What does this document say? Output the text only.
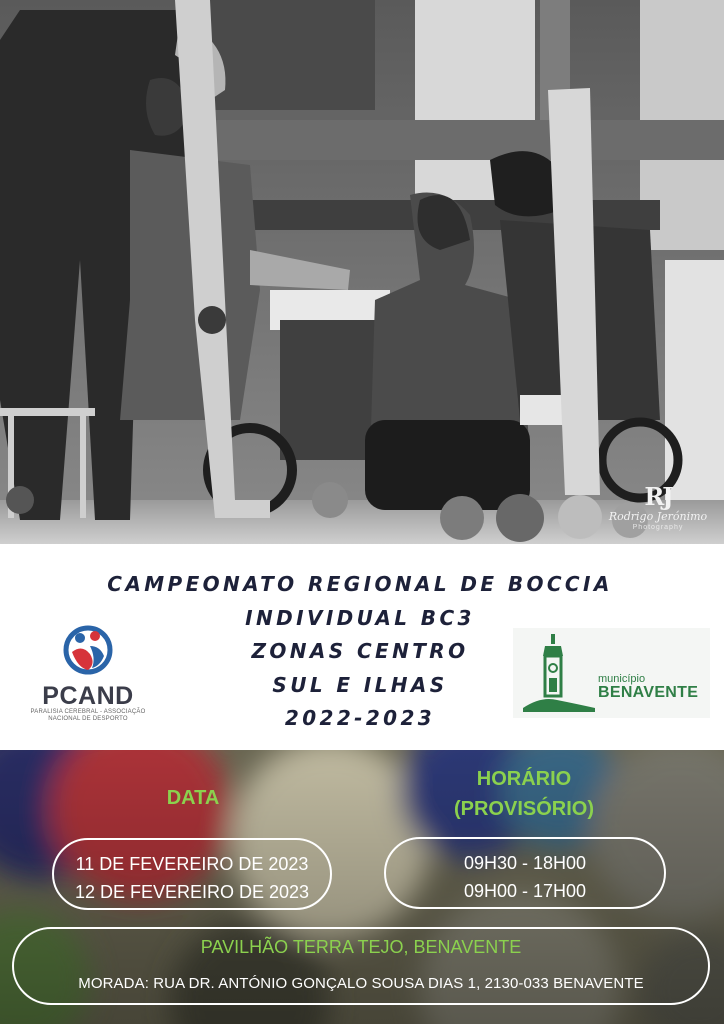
RJ
Rodrigo Jerónimo
Photography
CAMPEONATO REGIONAL DE BOCCIA
INDIVIDUAL BC3
ZONAS CENTRO
SUL E ILHAS
2022-2023
PCAND
PARALISIA CEREBRAL - ASSOCIAÇÃO
NACIONAL DE DESPORTO
município
BENAVENTE
DATA
HORÁRIO
(PROVISÓRIO)
11 DE FEVEREIRO DE 2023
12 DE FEVEREIRO DE 2023
09H30 - 18H00
09H00 - 17H00
PAVILHÃO TERRA TEJO, BENAVENTE
MORADA: RUA DR. ANTÓNIO GONÇALO SOUSA DIAS 1, 2130-033 BENAVENTE
